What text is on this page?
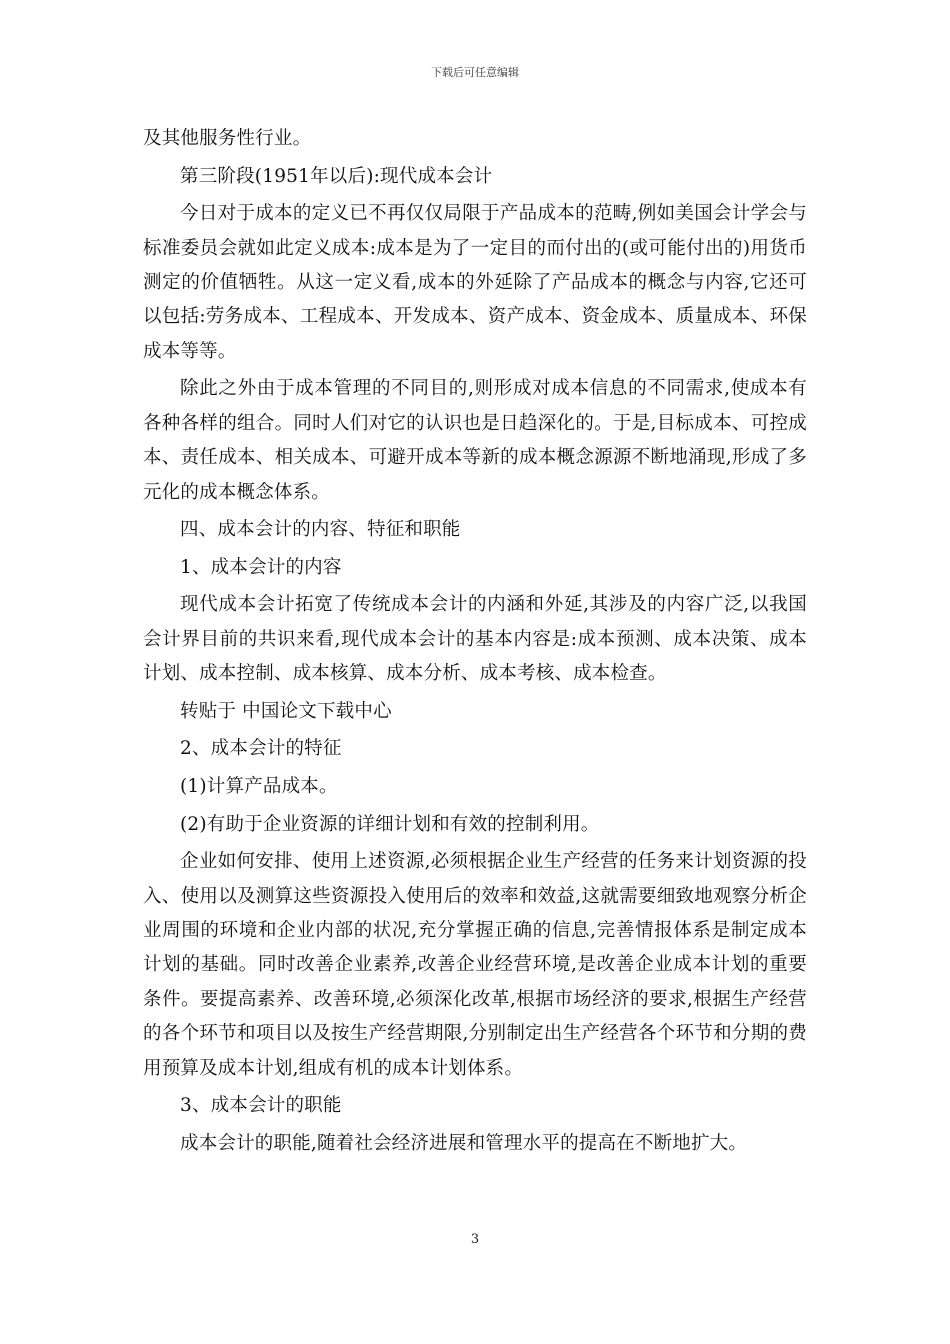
下载后可任意编辑

及其他服务性行业。

第三阶段(1951年以后):现代成本会计

今日对于成本的定义已不再仅仅局限于产品成本的范畴,例如美国会计学会与标准委员会就如此定义成本:成本是为了一定目的而付出的(或可能付出的)用货币测定的价值牺牲。从这一定义看,成本的外延除了产品成本的概念与内容,它还可以包括:劳务成本、工程成本、开发成本、资产成本、资金成本、质量成本、环保成本等等。

除此之外由于成本管理的不同目的,则形成对成本信息的不同需求,使成本有各种各样的组合。同时人们对它的认识也是日趋深化的。于是,目标成本、可控成本、责任成本、相关成本、可避开成本等新的成本概念源源不断地涌现,形成了多元化的成本概念体系。

四、成本会计的内容、特征和职能

1、成本会计的内容

现代成本会计拓宽了传统成本会计的内涵和外延,其涉及的内容广泛,以我国会计界目前的共识来看,现代成本会计的基本内容是:成本预测、成本决策、成本计划、成本控制、成本核算、成本分析、成本考核、成本检查。

转贴于 中国论文下载中心

2、成本会计的特征

(1)计算产品成本。

(2)有助于企业资源的详细计划和有效的控制利用。

企业如何安排、使用上述资源,必须根据企业生产经营的任务来计划资源的投入、使用以及测算这些资源投入使用后的效率和效益,这就需要细致地观察分析企业周围的环境和企业内部的状况,充分掌握正确的信息,完善情报体系是制定成本计划的基础。同时改善企业素养,改善企业经营环境,是改善企业成本计划的重要条件。要提高素养、改善环境,必须深化改革,根据市场经济的要求,根据生产经营的各个环节和项目以及按生产经营期限,分别制定出生产经营各个环节和分期的费用预算及成本计划,组成有机的成本计划体系。

3、成本会计的职能

成本会计的职能,随着社会经济进展和管理水平的提高在不断地扩大。

3
